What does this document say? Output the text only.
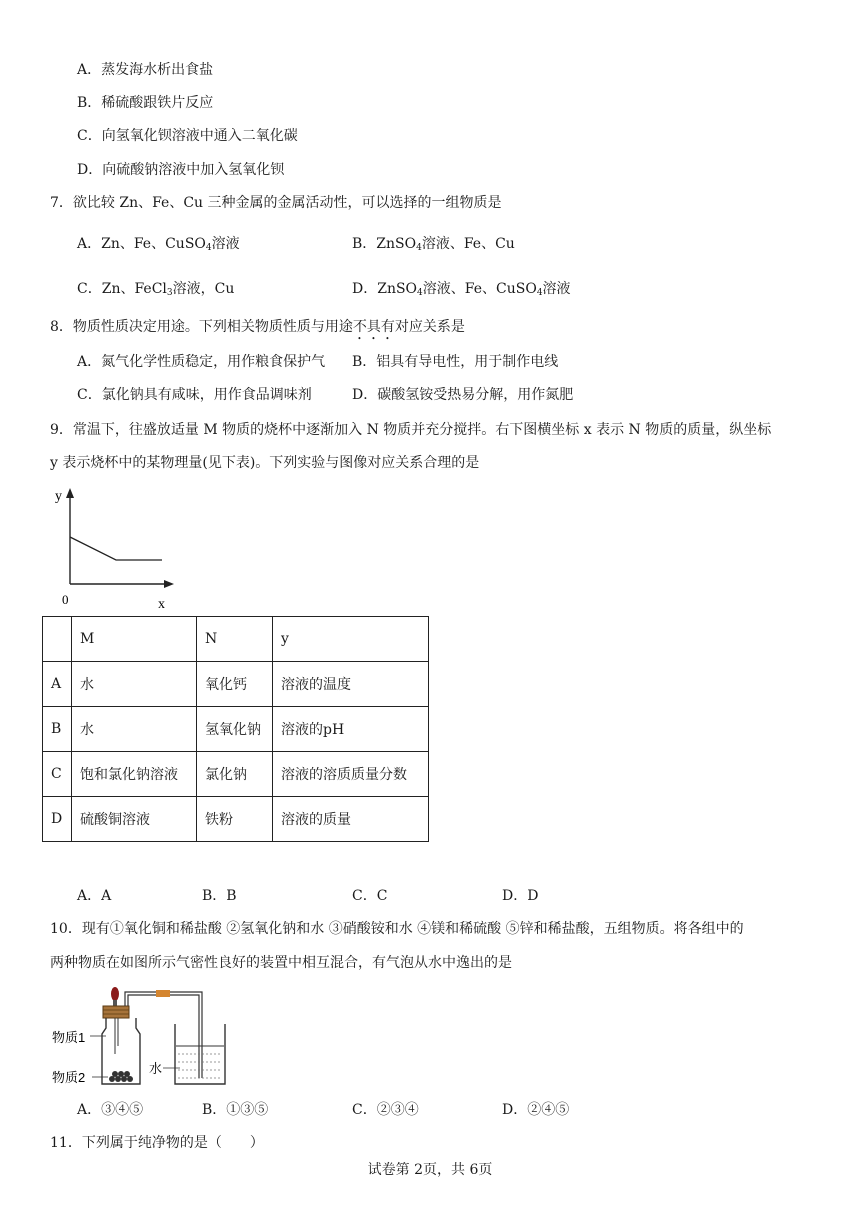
A．蒸发海水析出食盐
B．稀硫酸跟铁片反应
C．向氢氧化钡溶液中通入二氧化碳
D．向硫酸钠溶液中加入氢氧化钡
7．欲比较 Zn、Fe、Cu 三种金属的金属活动性，可以选择的一组物质是
A．Zn、Fe、CuSO$_4$溶液	B．ZnSO$_4$溶液、Fe、Cu
C．Zn、FeCl$_3$溶液，Cu	D．ZnSO$_4$溶液、Fe、CuSO$_4$溶液
8．物质性质决定用途。下列相关物质性质与用途不具有对应关系是
A．氮气化学性质稳定，用作粮食保护气 B．铝具有导电性，用于制作电线
C．氯化钠具有咸味，用作食品调味剂	D．碳酸氢铵受热易分解，用作氮肥
9．常温下，往盛放适量 M 物质的烧杯中逐渐加入 N 物质并充分搅拌。右下图横坐标 x 表示 N 物质的质量，纵坐标
y 表示烧杯中的某物理量(见下表)。下列实验与图像对应关系合理的是
y
x
0
	M	N	y
A	水	氧化钙	溶液的温度
B	水	氢氧化钠	溶液的pH
C	饱和氯化钠溶液	氯化钠	溶液的溶质质量分数
D	硫酸铜溶液	铁粉	溶液的质量
A．A	B．B	C．C	D．D
10．现有①氧化铜和稀盐酸 ②氢氧化钠和水 ③硝酸铵和水 ④镁和稀硫酸 ⑤锌和稀盐酸，五组物质。将各组中的
两种物质在如图所示气密性良好的装置中相互混合，有气泡从水中逸出的是
物质1
物质2
水
A．③④⑤	B．①③⑤	C．②③④	D．②④⑤
11．下列属于纯净物的是（　　）
试卷第 2页，共 6页
